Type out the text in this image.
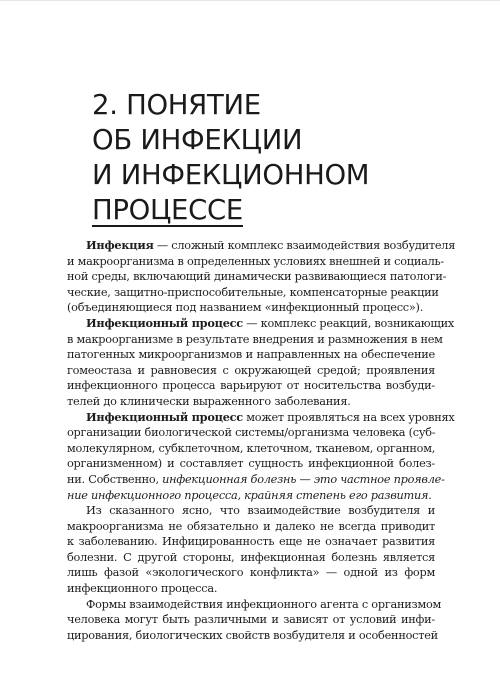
2. ПОНЯТИЕ
ОБ ИНФЕКЦИИ
И ИНФЕКЦИОННОМ
ПРОЦЕССЕ

Инфекция — сложный комплекс взаимодействия возбудителя
и макроорганизма в определенных условиях внешней и социаль-
ной среды, включающий динамически развивающиеся патологи-
ческие, защитно-приспособительные, компенсаторные реакции
(объединяющиеся под названием «инфекционный процесс»).

Инфекционный процесс — комплекс реакций, возникающих
в макроорганизме в результате внедрения и размножения в нем
патогенных микроорганизмов и направленных на обеспечение
гомеостаза и равновесия с окружающей средой; проявления
инфекционного процесса варьируют от носительства возбуди-
телей до клинически выраженного заболевания.

Инфекционный процесс может проявляться на всех уровнях
организации биологической системы/организма человека (суб-
молекулярном, субклеточном, клеточном, тканевом, органном,
организменном) и составляет сущность инфекционной болез-
ни. Собственно, инфекционная болезнь — это частное проявле-
ние инфекционного процесса, крайняя степень его развития.

Из сказанного ясно, что взаимодействие возбудителя и
макроорганизма не обязательно и далеко не всегда приводит
к заболеванию. Инфицированность еще не означает развития
болезни. С другой стороны, инфекционная болезнь является
лишь фазой «экологического конфликта» — одной из форм
инфекционного процесса.

Формы взаимодействия инфекционного агента с организмом
человека могут быть различными и зависят от условий инфи-
цирования, биологических свойств возбудителя и особенностей
